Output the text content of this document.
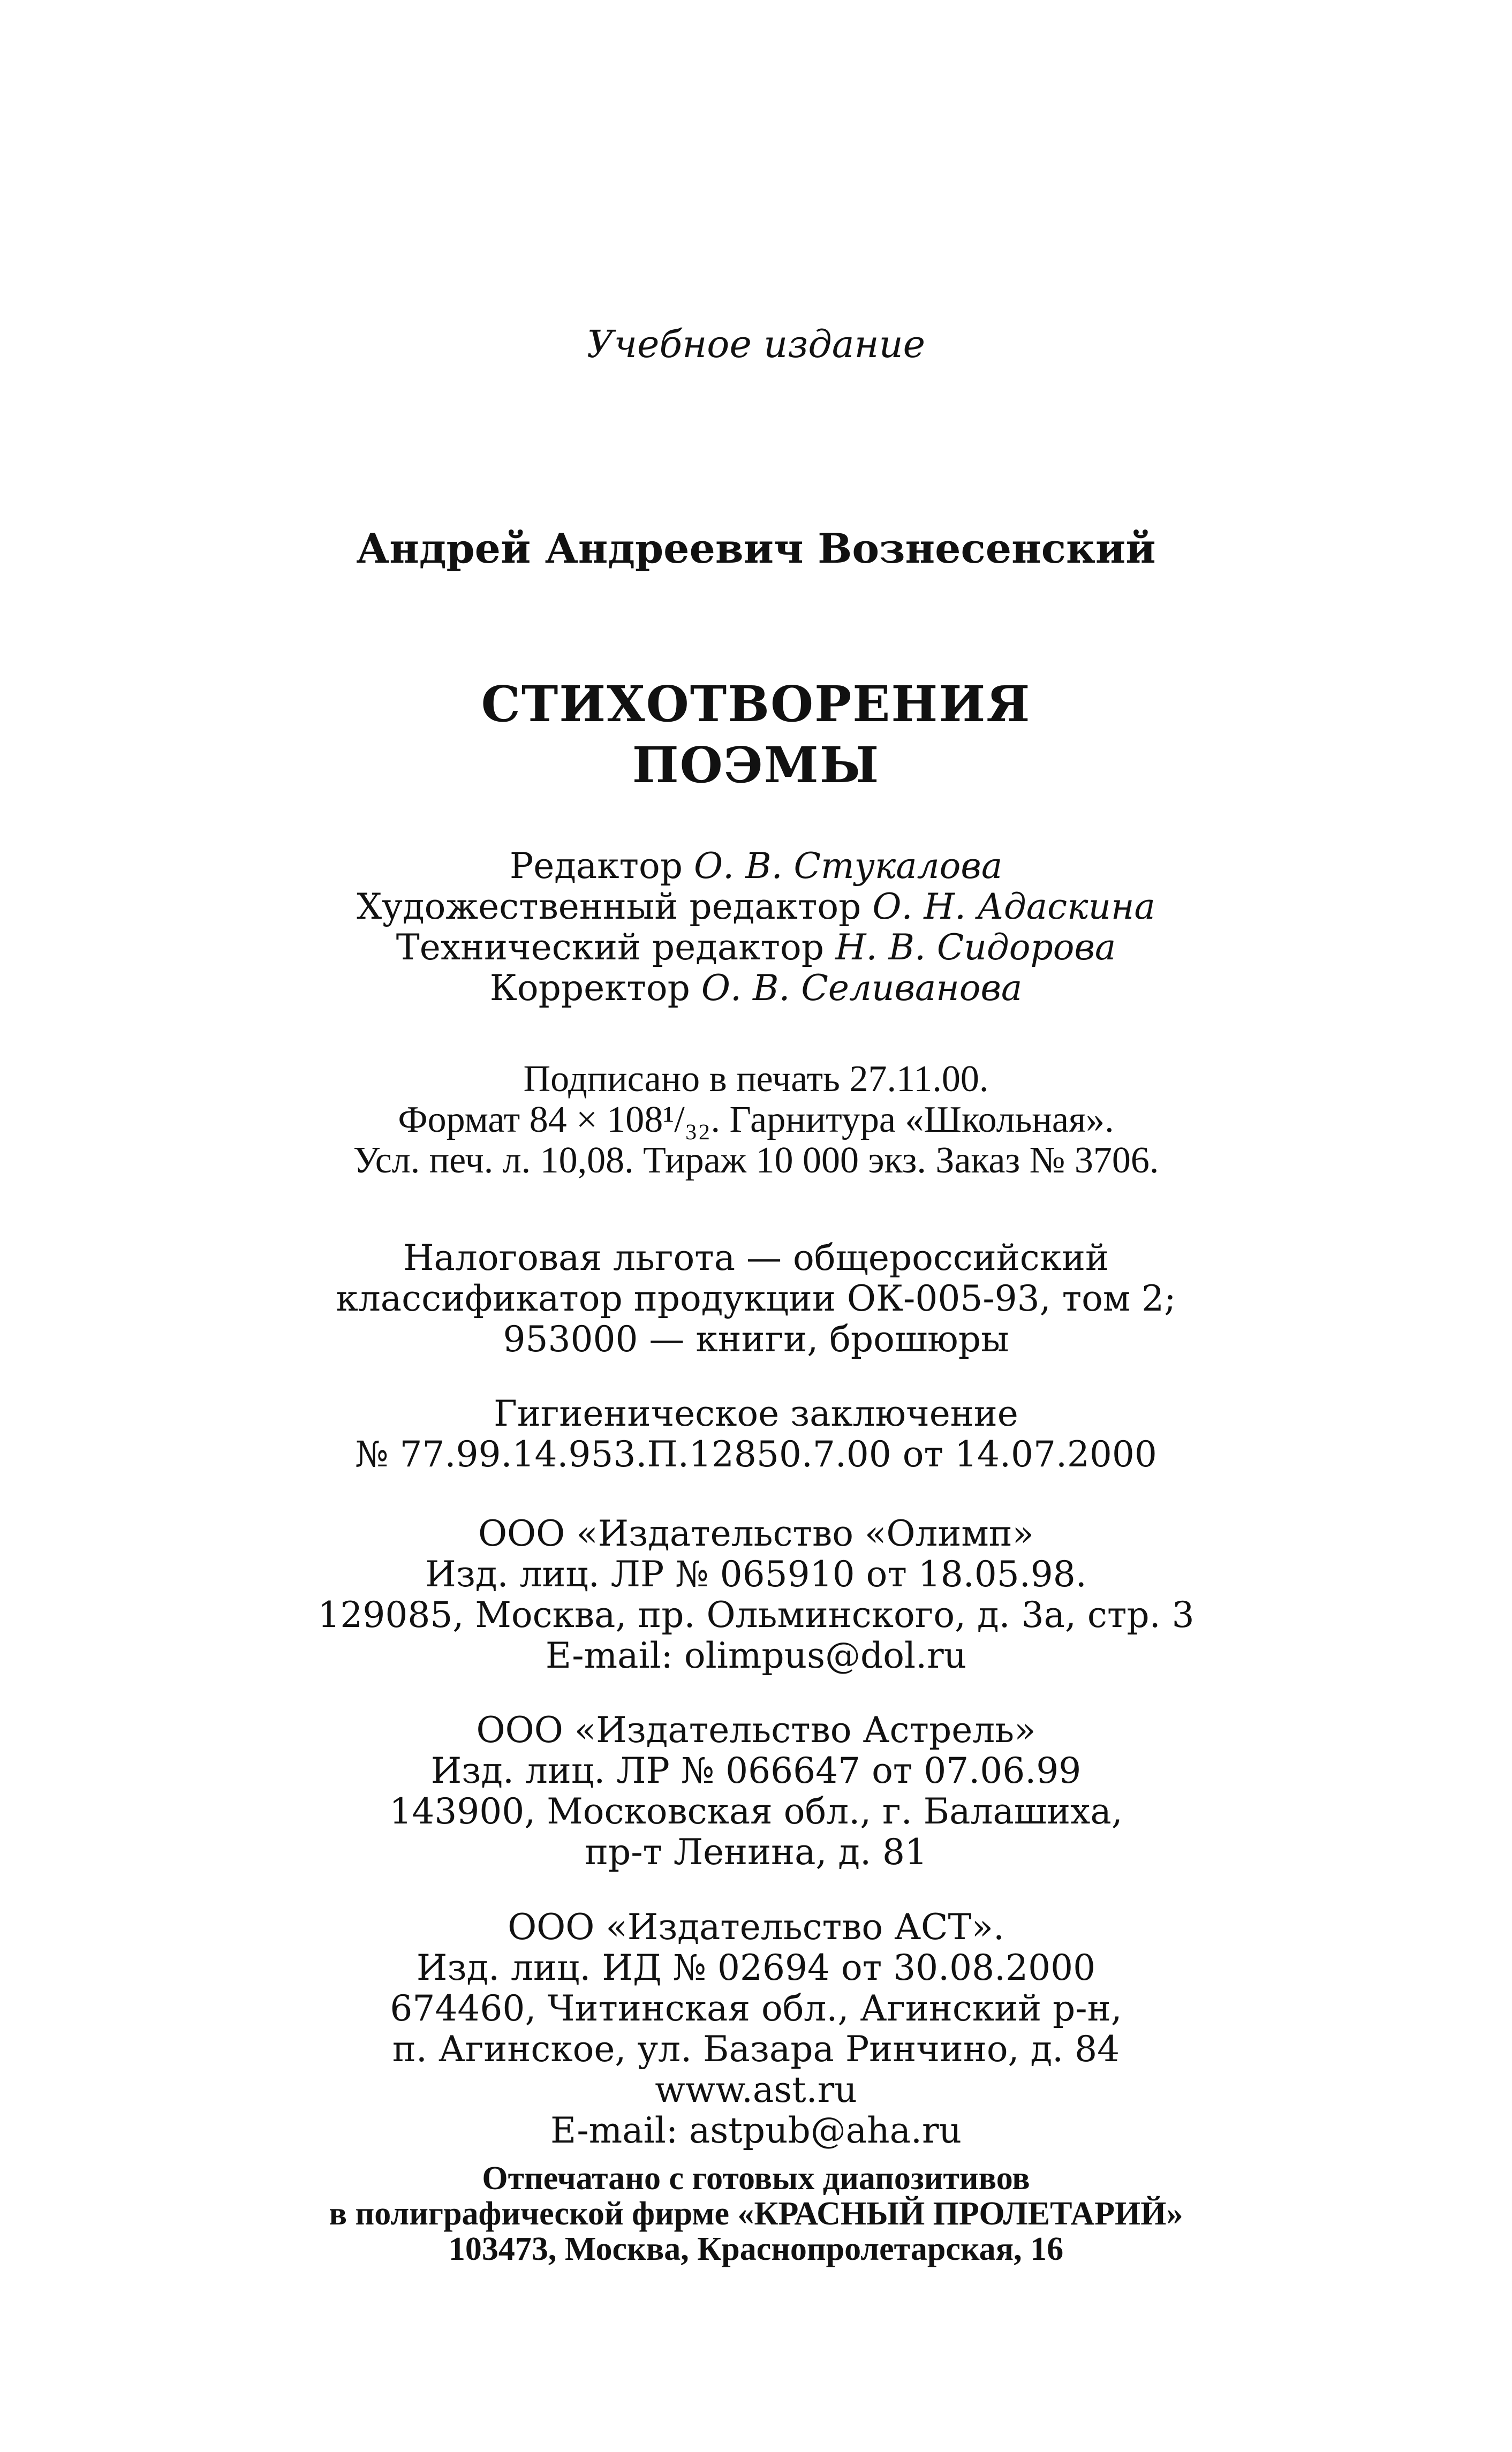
Учебное издание
Андрей Андреевич Вознесенский
СТИХОТВОРЕНИЯ
ПОЭМЫ
Редактор О. В. Стукалова
Художественный редактор О. Н. Адаскина
Технический редактор Н. В. Сидорова
Корректор О. В. Селиванова
Подписано в печать 27.11.00.
Формат 84 × 108¹/₃₂. Гарнитура «Школьная».
Усл. печ. л. 10,08. Тираж 10 000 экз. Заказ № 3706.
Налоговая льгота — общероссийский
классификатор продукции ОК-005-93, том 2;
953000 — книги, брошюры
Гигиеническое заключение
№ 77.99.14.953.П.12850.7.00 от 14.07.2000
ООО «Издательство «Олимп»
Изд. лиц. ЛР № 065910 от 18.05.98.
129085, Москва, пр. Ольминского, д. 3а, стр. 3
E-mail: olimpus@dol.ru
ООО «Издательство Астрель»
Изд. лиц. ЛР № 066647 от 07.06.99
143900, Московская обл., г. Балашиха,
пр-т Ленина, д. 81
ООО «Издательство АСТ».
Изд. лиц. ИД № 02694 от 30.08.2000
674460, Читинская обл., Агинский р-н,
п. Агинское, ул. Базара Ринчино, д. 84
www.ast.ru
E-mail: astpub@aha.ru
Отпечатано с готовых диапозитивов
в полиграфической фирме «КРАСНЫЙ ПРОЛЕТАРИЙ»
103473, Москва, Краснопролетарская, 16
